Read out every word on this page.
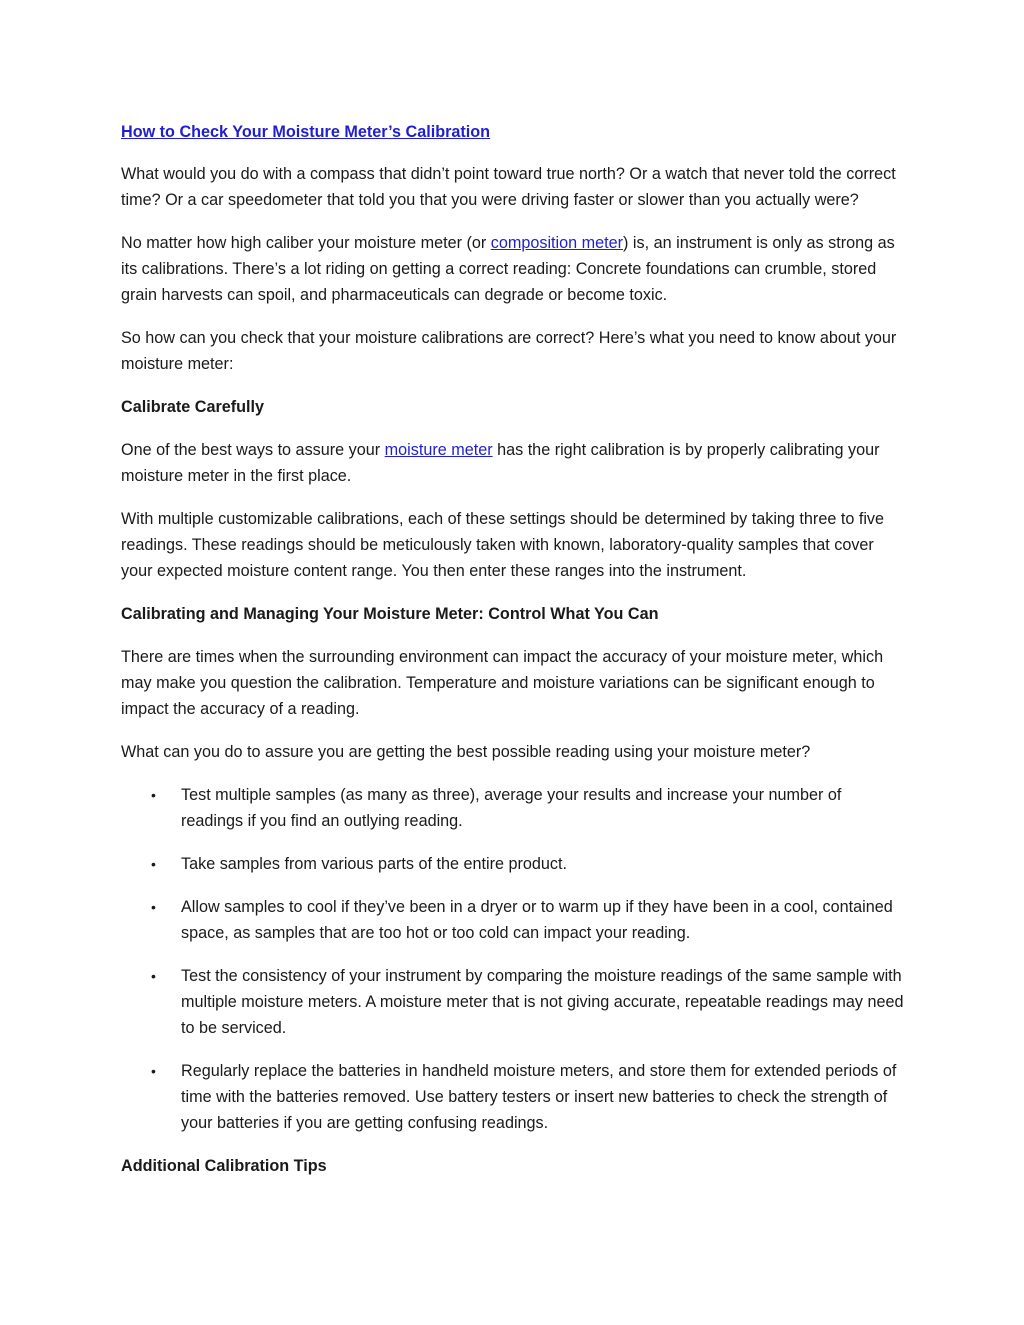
How to Check Your Moisture Meter’s Calibration

What would you do with a compass that didn’t point toward true north? Or a watch that never told the correct time? Or a car speedometer that told you that you were driving faster or slower than you actually were?

No matter how high caliber your moisture meter (or composition meter) is, an instrument is only as strong as its calibrations. There’s a lot riding on getting a correct reading: Concrete foundations can crumble, stored grain harvests can spoil, and pharmaceuticals can degrade or become toxic.

So how can you check that your moisture calibrations are correct? Here’s what you need to know about your moisture meter:

Calibrate Carefully

One of the best ways to assure your moisture meter has the right calibration is by properly calibrating your moisture meter in the first place.

With multiple customizable calibrations, each of these settings should be determined by taking three to five readings. These readings should be meticulously taken with known, laboratory-quality samples that cover your expected moisture content range. You then enter these ranges into the instrument.

Calibrating and Managing Your Moisture Meter: Control What You Can

There are times when the surrounding environment can impact the accuracy of your moisture meter, which may make you question the calibration. Temperature and moisture variations can be significant enough to impact the accuracy of a reading.

What can you do to assure you are getting the best possible reading using your moisture meter?

• Test multiple samples (as many as three), average your results and increase your number of readings if you find an outlying reading.
• Take samples from various parts of the entire product.
• Allow samples to cool if they’ve been in a dryer or to warm up if they have been in a cool, contained space, as samples that are too hot or too cold can impact your reading.
• Test the consistency of your instrument by comparing the moisture readings of the same sample with multiple moisture meters. A moisture meter that is not giving accurate, repeatable readings may need to be serviced.
• Regularly replace the batteries in handheld moisture meters, and store them for extended periods of time with the batteries removed. Use battery testers or insert new batteries to check the strength of your batteries if you are getting confusing readings.
Additional Calibration Tips
